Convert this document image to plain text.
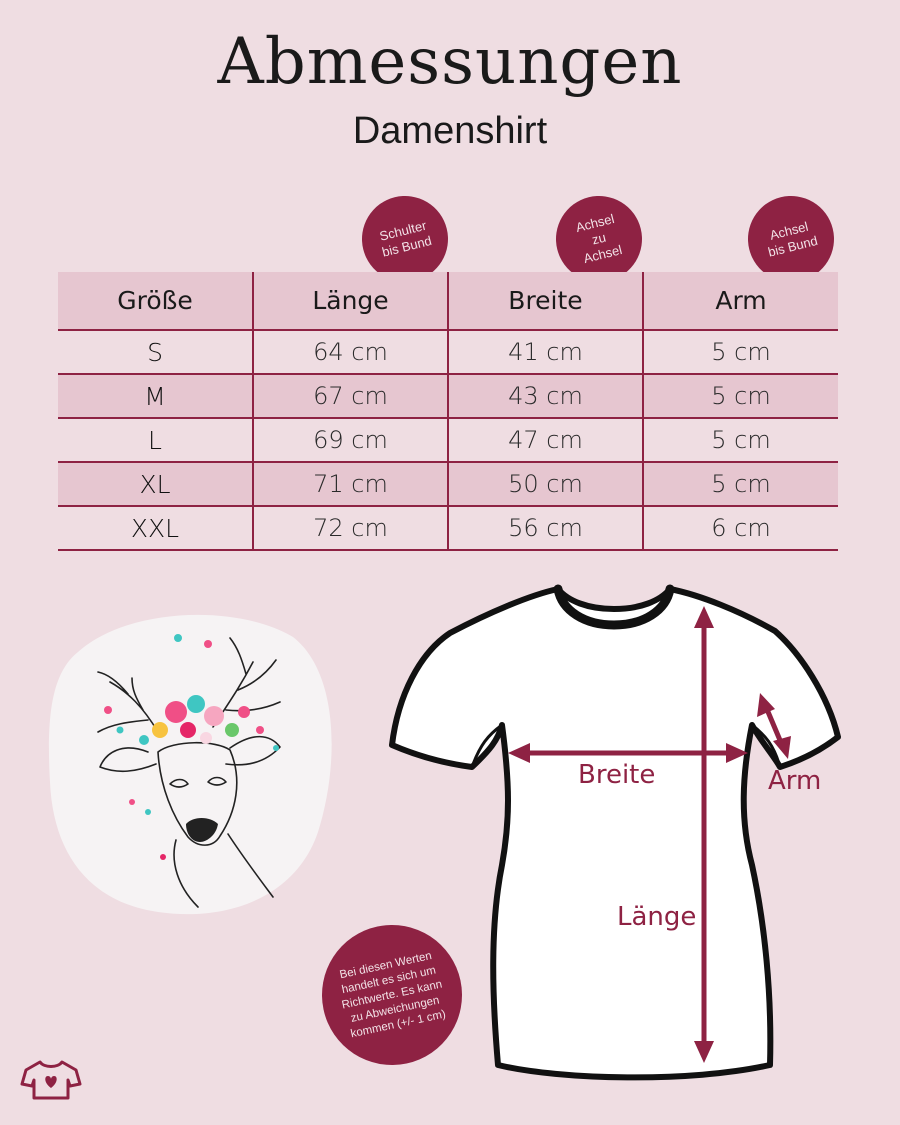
Abmessungen
Damenshirt
Schulter
bis Bund
Achsel
zu
Achsel
Achsel
bis Bund
Größe	Länge	Breite	Arm
S	64 cm	41 cm	5 cm
M	67 cm	43 cm	5 cm
L	69 cm	47 cm	5 cm
XL	71 cm	50 cm	5 cm
XXL	72 cm	56 cm	6 cm
Breite	Arm
Länge
Bei diesen Werten handelt es sich um Richtwerte. Es kann zu Abweichungen kommen (+/- 1 cm)
